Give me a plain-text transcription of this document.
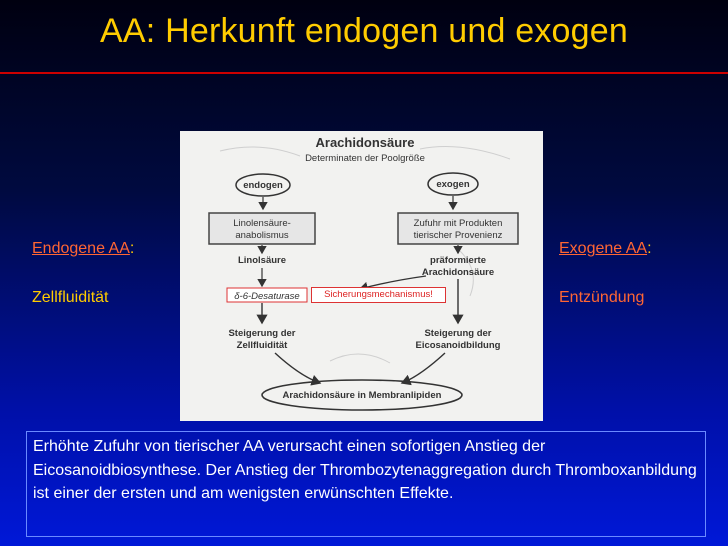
AA: Herkunft endogen und exogen
Endogene AA:
Zellfluidität
Exogene AA:
Entzündung
Arachidonsäure
Determinaten der Poolgröße
endogen	exogen
Linolensäure-
anabolismus
Zufuhr mit Produkten
tierischer Provenienz
Linolsäure	präformierte
Arachidonsäure
δ-6-Desaturase
Steigerung der
Zellfluidität
Steigerung der
Eicosanoidbildung
Arachidonsäure in Membranlipiden
Sicherungsmechanismus!
Erhöhte Zufuhr von tierischer AA verursacht einen sofortigen Anstieg der Eicosanoidbiosynthese. Der Anstieg der Thrombozytenaggregation durch Thromboxanbildung ist einer der ersten und am wenigsten erwünschten Effekte.
